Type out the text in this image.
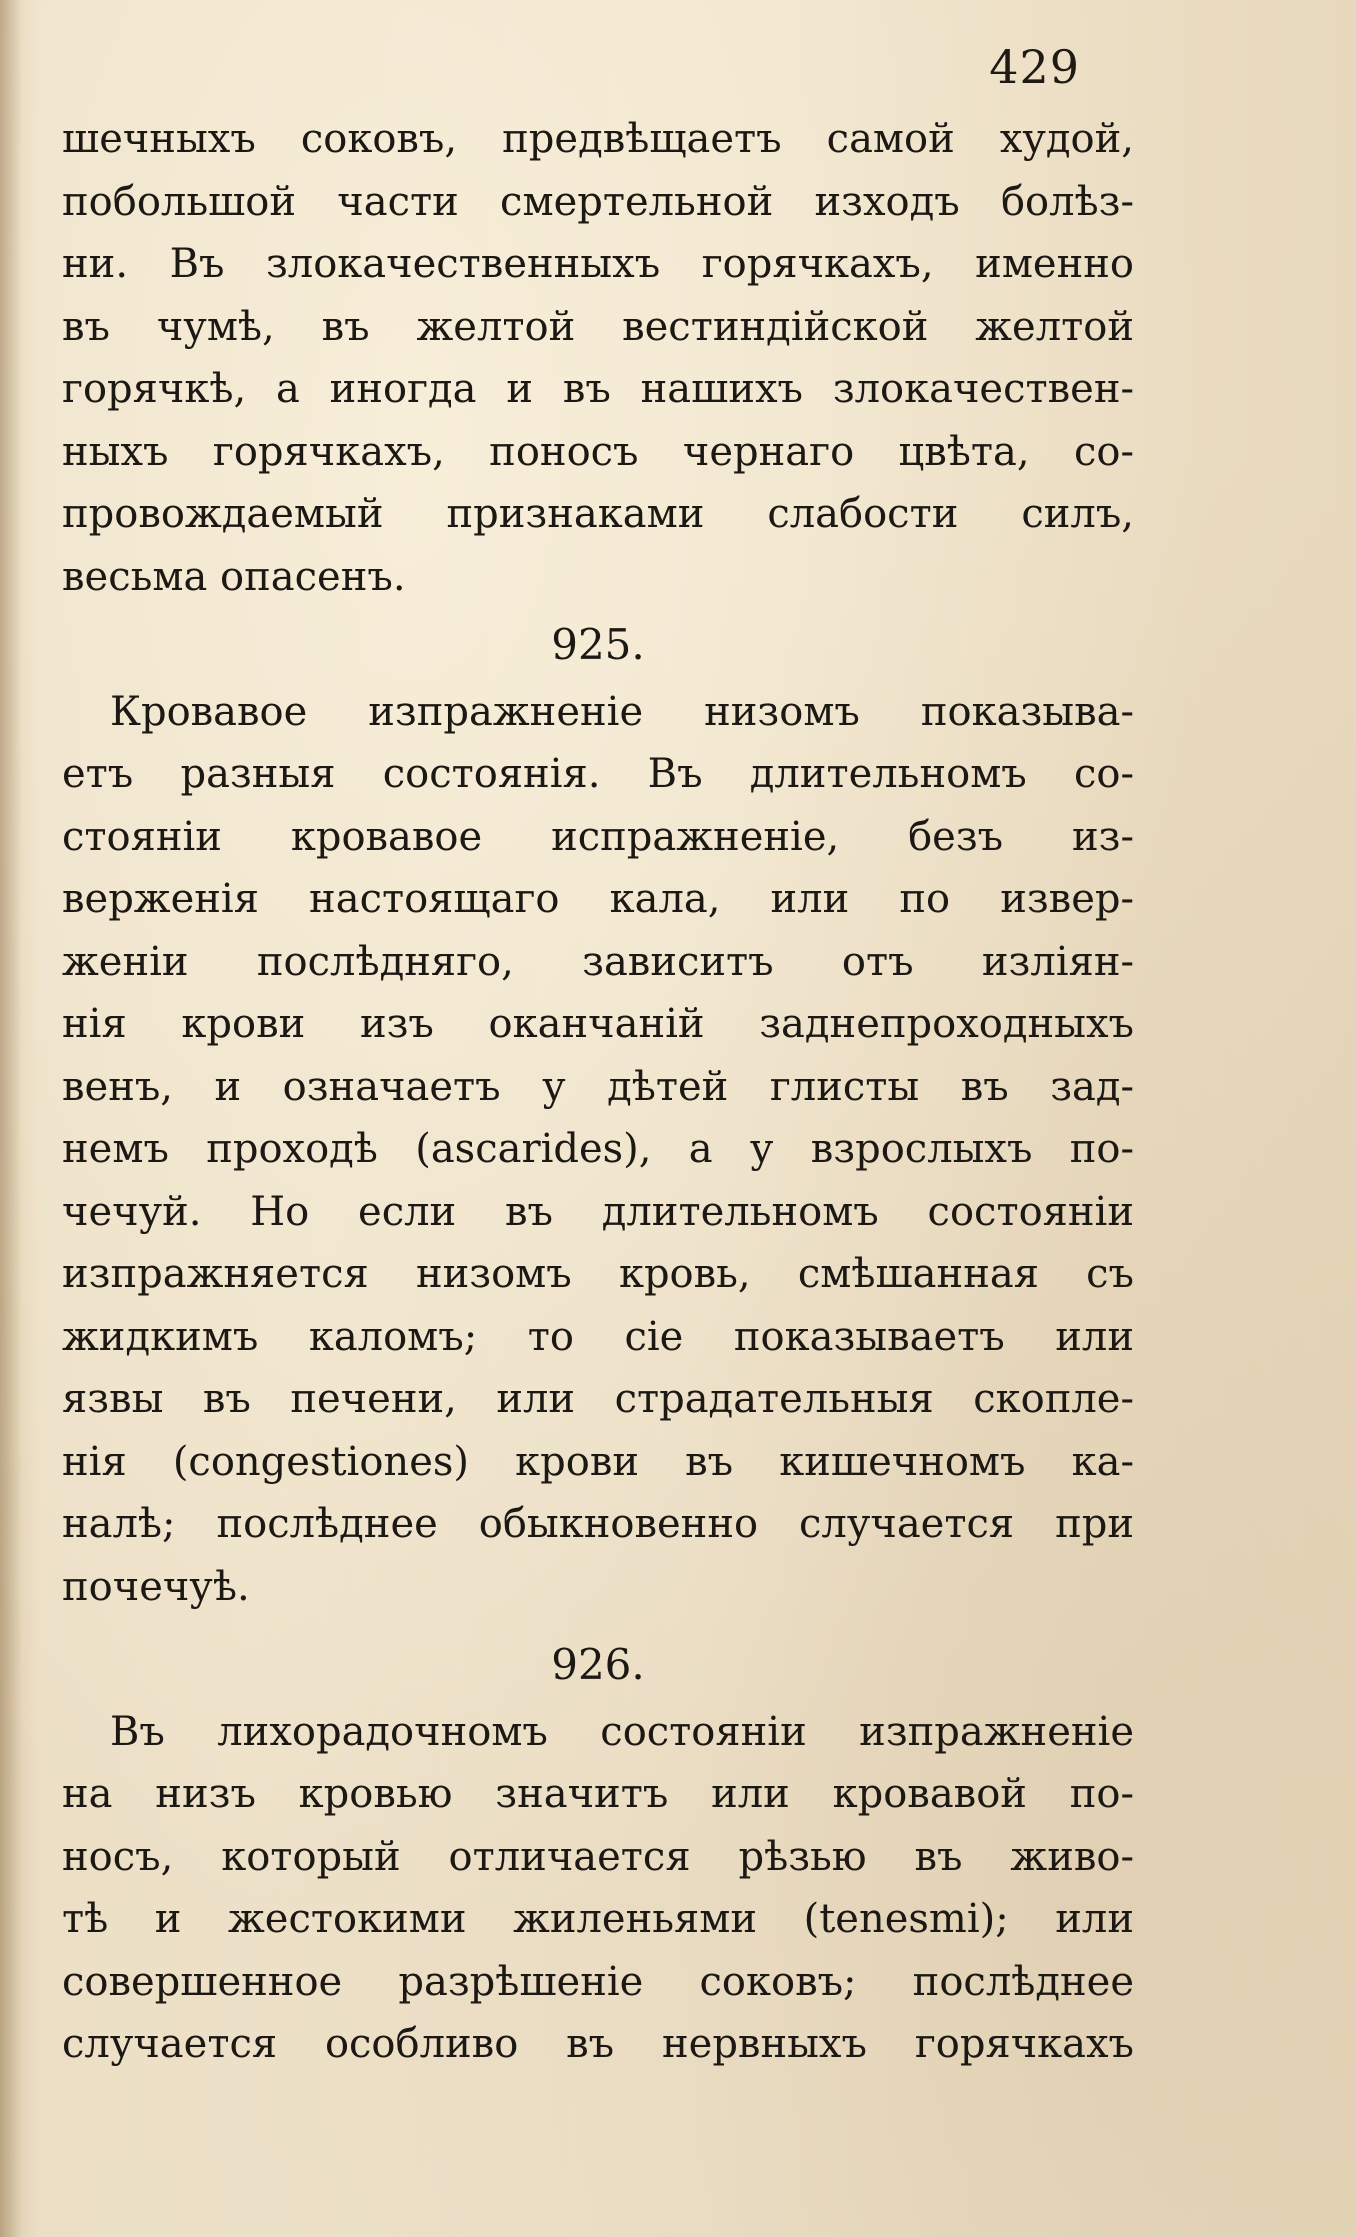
429
шечныхъ соковъ, предвѣщаетъ самой худой,
побольшой части смертельной изходъ болѣз-
ни. Въ злокачественныхъ горячкахъ, именно
въ чумѣ, въ желтой вестиндійской желтой
горячкѣ, а иногда и въ нашихъ злокачествен-
ныхъ горячкахъ, поносъ чернаго цвѣта, со-
провождаемый признаками слабости силъ,
весьма опасенъ.
925.
Кровавое изпражненіе низомъ показыва-
етъ разныя состоянія. Въ длительномъ со-
стояніи кровавое испражненіе, безъ из-
верженія настоящаго кала, или по извер-
женіи послѣдняго, зависитъ отъ изліян-
нія крови изъ оканчаній заднепроходныхъ
венъ, и означаетъ у дѣтей глисты въ зад-
немъ проходѣ (ascarides), а у взрослыхъ по-
чечуй. Но если въ длительномъ состояніи
изпражняется низомъ кровь, смѣшанная съ
жидкимъ каломъ; то сіе показываетъ или
язвы въ печени, или страдательныя скопле-
нія (congestiones) крови въ кишечномъ ка-
налѣ; послѣднее обыкновенно случается при
почечуѣ.
926.
Въ лихорадочномъ состояніи изпражненіе
на низъ кровью значитъ или кровавой по-
носъ, который отличается рѣзью въ живо-
тѣ и жестокими жиленьями (tenesmi); или
совершенное разрѣшеніе соковъ; послѣднее
случается особливо въ нервныхъ горячкахъ
